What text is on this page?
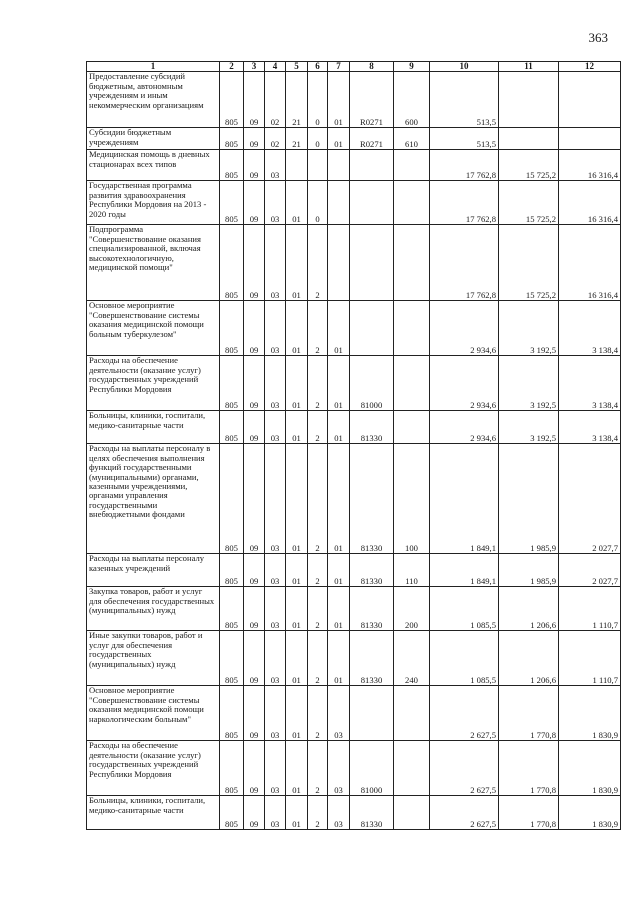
363
1	2	3	4	5	6	7	8	9	10	11	12
Предоставление субсидий бюджетным, автономным учреждениям и иным некоммерческим организациям	805	09	02	21	0	01	R0271	600	513,5		
Субсидии бюджетным учреждениям	805	09	02	21	0	01	R0271	610	513,5		
Медицинская помощь в дневных стационарах всех типов	805	09	03						17 762,8	15 725,2	16 316,4
Государственная программа развития здравоохранения Республики Мордовия на 2013 - 2020 годы	805	09	03	01	0				17 762,8	15 725,2	16 316,4
Подпрограмма "Совершенствование оказания специализированной, включая высокотехнологичную, медицинской помощи"	805	09	03	01	2				17 762,8	15 725,2	16 316,4
Основное мероприятие "Совершенствование системы оказания медицинской помощи больным туберкулезом"	805	09	03	01	2	01			2 934,6	3 192,5	3 138,4
Расходы на обеспечение деятельности (оказание услуг) государственных учреждений Республики Мордовия	805	09	03	01	2	01	81000		2 934,6	3 192,5	3 138,4
Больницы, клиники, госпитали, медико-санитарные части	805	09	03	01	2	01	81330		2 934,6	3 192,5	3 138,4
Расходы на выплаты персоналу в целях обеспечения выполнения функций государственными (муниципальными) органами, казенными учреждениями, органами управления государственными внебюджетными фондами	805	09	03	01	2	01	81330	100	1 849,1	1 985,9	2 027,7
Расходы на выплаты персоналу казенных учреждений	805	09	03	01	2	01	81330	110	1 849,1	1 985,9	2 027,7
Закупка товаров, работ и услуг для обеспечения государственных (муниципальных) нужд	805	09	03	01	2	01	81330	200	1 085,5	1 206,6	1 110,7
Иные закупки товаров, работ и услуг для обеспечения государственных (муниципальных) нужд	805	09	03	01	2	01	81330	240	1 085,5	1 206,6	1 110,7
Основное мероприятие "Совершенствование системы оказания медицинской помощи наркологическим больным"	805	09	03	01	2	03			2 627,5	1 770,8	1 830,9
Расходы на обеспечение деятельности (оказание услуг) государственных учреждений Республики Мордовия	805	09	03	01	2	03	81000		2 627,5	1 770,8	1 830,9
Больницы, клиники, госпитали, медико-санитарные части	805	09	03	01	2	03	81330		2 627,5	1 770,8	1 830,9
